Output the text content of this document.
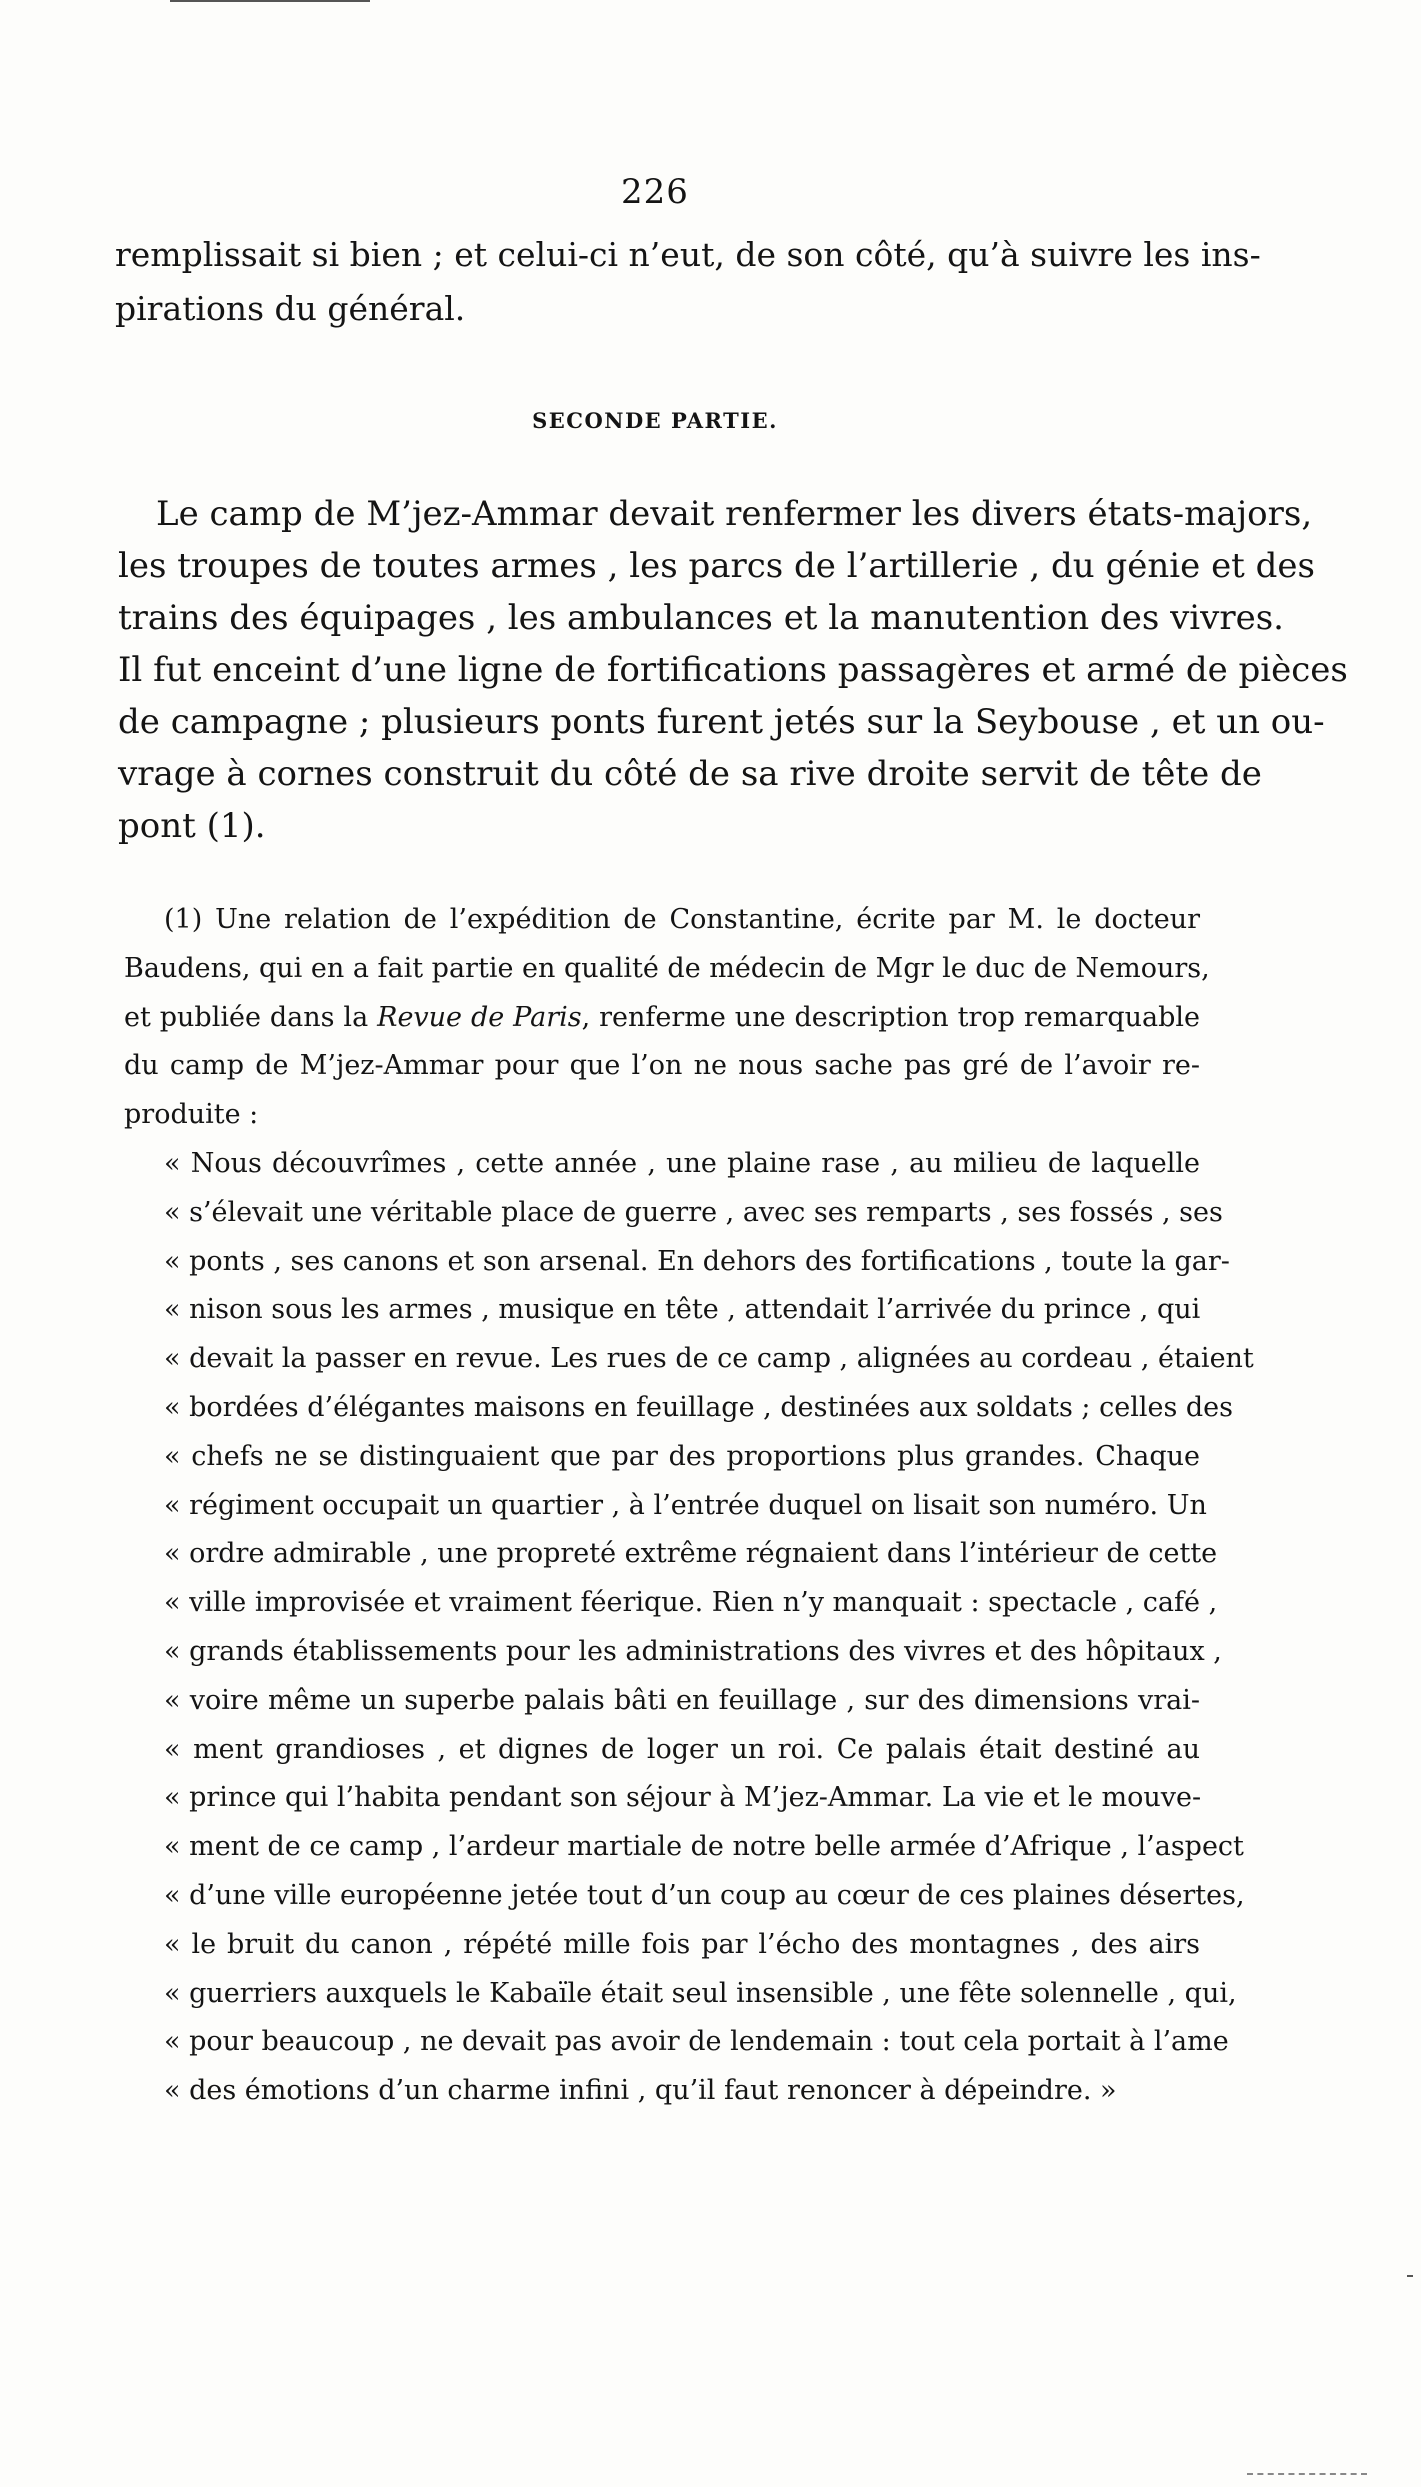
226
remplissait si bien ; et celui-ci n’eut, de son côté, qu’à suivre les ins-
pirations du général.
SECONDE PARTIE.
Le camp de M’jez-Ammar devait renfermer les divers états-majors,
les troupes de toutes armes , les parcs de l’artillerie , du génie et des
trains des équipages , les ambulances et la manutention des vivres.
Il fut enceint d’une ligne de fortifications passagères et armé de pièces
de campagne ; plusieurs ponts furent jetés sur la Seybouse , et un ou-
vrage à cornes construit du côté de sa rive droite servit de tête de
pont (1).
(1) Une relation de l’expédition de Constantine, écrite par M. le docteur
Baudens, qui en a fait partie en qualité de médecin de Mgr le duc de Nemours,
et publiée dans la Revue de Paris, renferme une description trop remarquable
du camp de M’jez-Ammar pour que l’on ne nous sache pas gré de l’avoir re-
produite :
« Nous découvrîmes , cette année , une plaine rase , au milieu de laquelle
« s’élevait une véritable place de guerre , avec ses remparts , ses fossés , ses
« ponts , ses canons et son arsenal. En dehors des fortifications , toute la gar-
« nison sous les armes , musique en tête , attendait l’arrivée du prince , qui
« devait la passer en revue. Les rues de ce camp , alignées au cordeau , étaient
« bordées d’élégantes maisons en feuillage , destinées aux soldats ; celles des
« chefs ne se distinguaient que par des proportions plus grandes. Chaque
« régiment occupait un quartier , à l’entrée duquel on lisait son numéro. Un
« ordre admirable , une propreté extrême régnaient dans l’intérieur de cette
« ville improvisée et vraiment féerique. Rien n’y manquait : spectacle , café ,
« grands établissements pour les administrations des vivres et des hôpitaux ,
« voire même un superbe palais bâti en feuillage , sur des dimensions vrai-
« ment grandioses , et dignes de loger un roi. Ce palais était destiné au
« prince qui l’habita pendant son séjour à M’jez-Ammar. La vie et le mouve-
« ment de ce camp , l’ardeur martiale de notre belle armée d’Afrique , l’aspect
« d’une ville européenne jetée tout d’un coup au cœur de ces plaines désertes,
« le bruit du canon , répété mille fois par l’écho des montagnes , des airs
« guerriers auxquels le Kabaïle était seul insensible , une fête solennelle , qui,
« pour beaucoup , ne devait pas avoir de lendemain : tout cela portait à l’ame
« des émotions d’un charme infini , qu’il faut renoncer à dépeindre. »
